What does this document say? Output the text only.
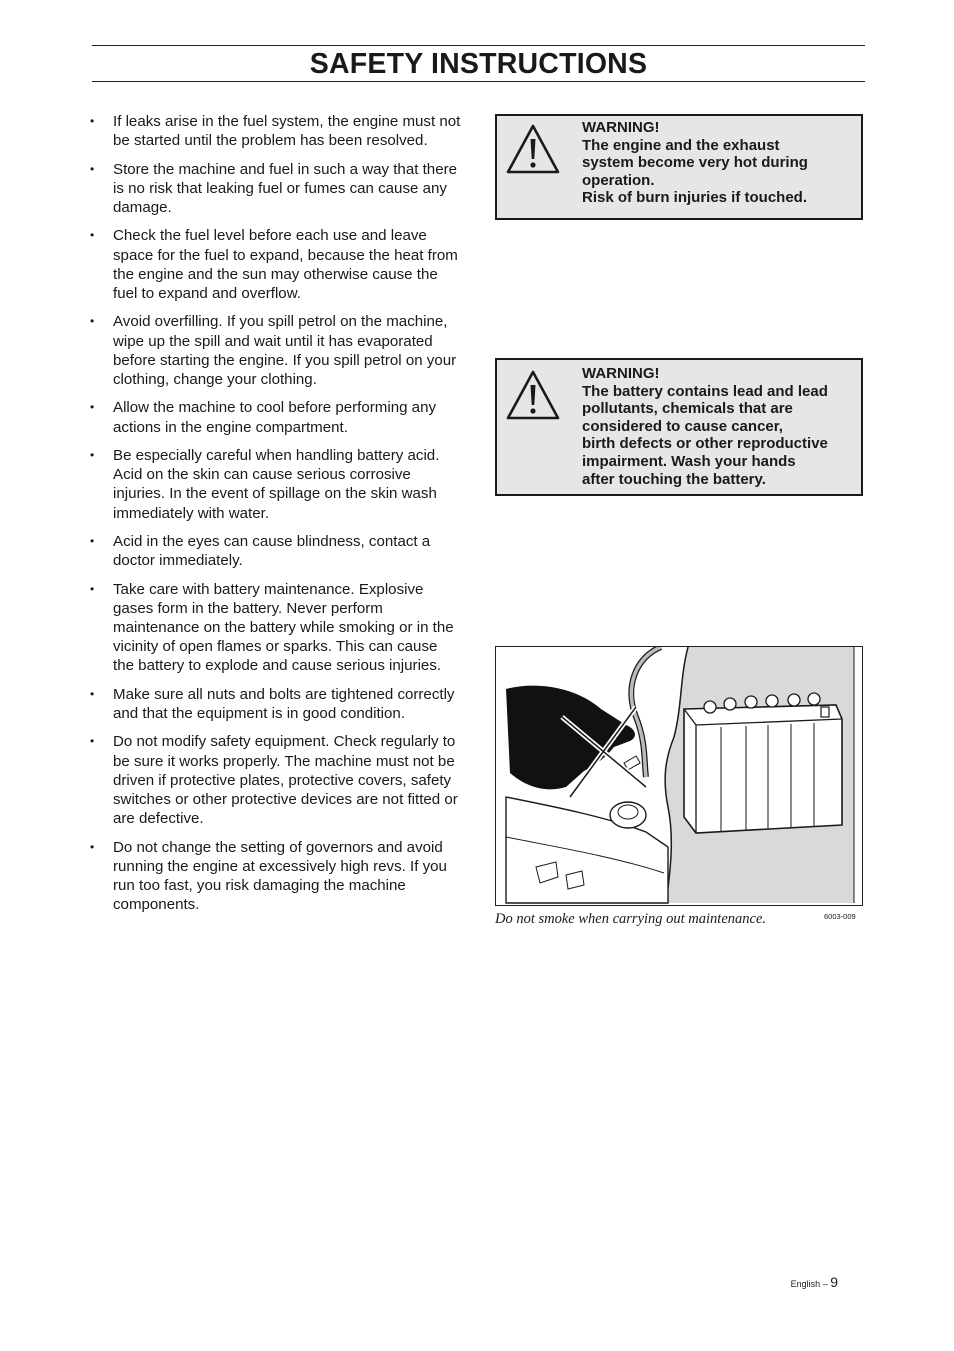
SAFETY INSTRUCTIONS
• If leaks arise in the fuel system, the engine must not be started until the problem has been resolved.
• Store the machine and fuel in such a way that there is no risk that leaking fuel or fumes can cause any damage.
• Check the fuel level before each use and leave space for the fuel to expand, because the heat from the engine and the sun may otherwise cause the fuel to expand and overflow.
• Avoid overfilling. If you spill petrol on the machine, wipe up the spill and wait until it has evaporated before starting the engine. If you spill petrol on your clothing, change your clothing.
• Allow the machine to cool before performing any actions in the engine compartment.
• Be especially careful when handling battery acid. Acid on the skin can cause serious corrosive injuries. In the event of spillage on the skin wash immediately with water.
• Acid in the eyes can cause blindness, contact a doctor immediately.
• Take care with battery maintenance. Explosive gases form in the battery. Never perform maintenance on the battery while smoking or in the vicinity of open flames or sparks. This can cause the battery to explode and cause serious injuries.
• Make sure all nuts and bolts are tightened correctly and that the equipment is in good condition.
• Do not modify safety equipment. Check regularly to be sure it works properly. The machine must not be driven if protective plates, protective covers, safety switches or other protective devices are not fitted or are defective.
• Do not change the setting of governors and avoid running the engine at excessively high revs. If you run too fast, you risk damaging the machine components.
WARNING!
The engine and the exhaust
system become very hot during
operation.
Risk of burn injuries if touched.
WARNING!
The battery contains lead and lead
pollutants, chemicals that are
considered to cause cancer,
birth defects or other reproductive
impairment. Wash your hands
after touching the battery.
Do not smoke when carrying out maintenance.	6003-009
English – 9
